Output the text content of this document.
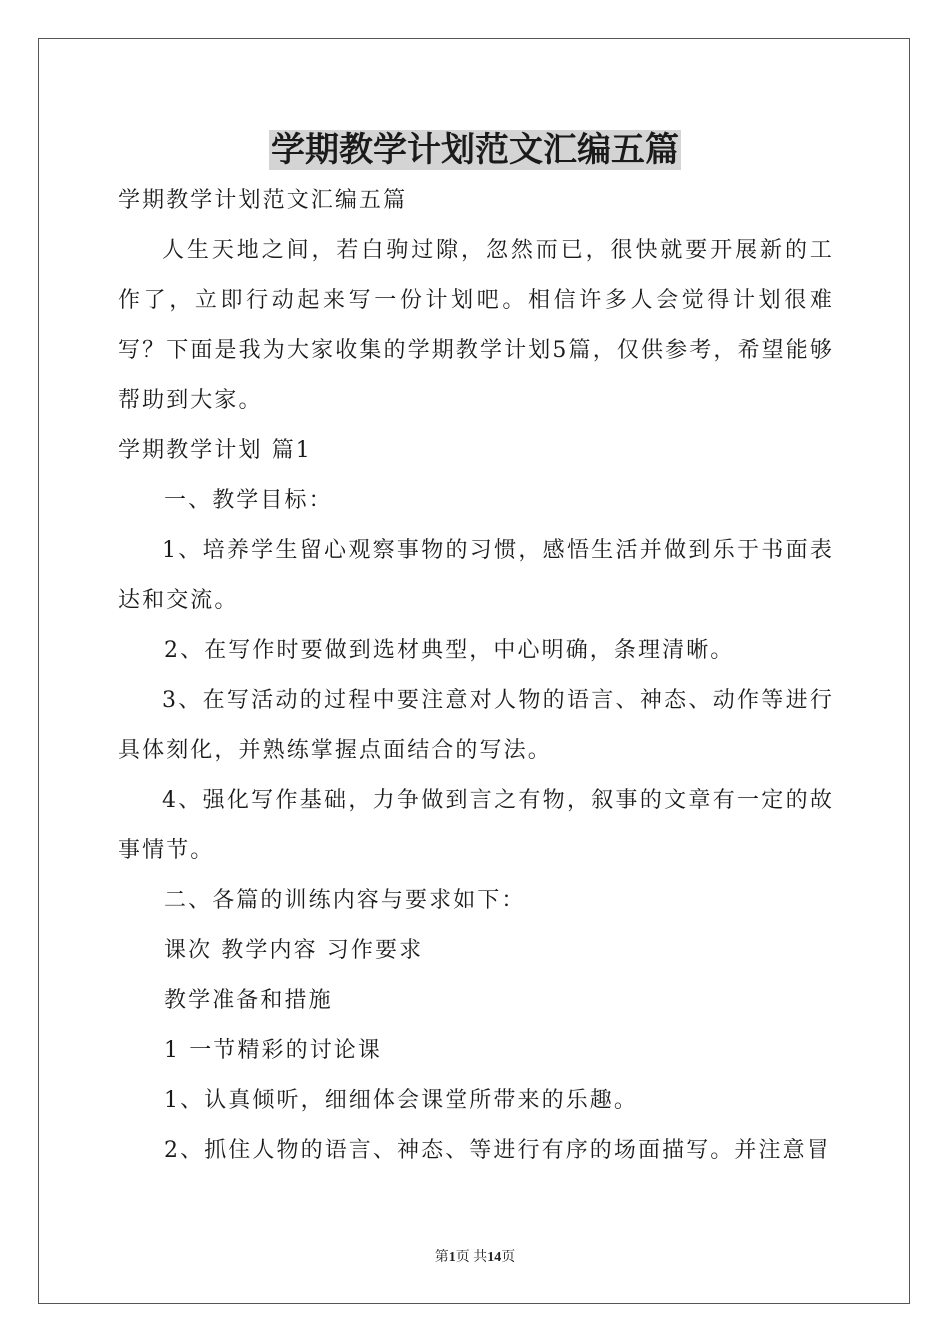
学期教学计划范文汇编五篇
学期教学计划范文汇编五篇
人生天地之间，若白驹过隙，忽然而已，很快就要开展新的工作了，立即行动起来写一份计划吧。相信许多人会觉得计划很难写？下面是我为大家收集的学期教学计划5篇，仅供参考，希望能够帮助到大家。
学期教学计划 篇1
一、教学目标：
1、培养学生留心观察事物的习惯，感悟生活并做到乐于书面表达和交流。
2、在写作时要做到选材典型，中心明确，条理清晰。
3、在写活动的过程中要注意对人物的语言、神态、动作等进行具体刻化，并熟练掌握点面结合的写法。
4、强化写作基础，力争做到言之有物，叙事的文章有一定的故事情节。
二、各篇的训练内容与要求如下：
课次 教学内容 习作要求
教学准备和措施
1 一节精彩的讨论课
1、认真倾听，细细体会课堂所带来的乐趣。
2、抓住人物的语言、神态、等进行有序的场面描写。并注意冒
第1页 共14页
